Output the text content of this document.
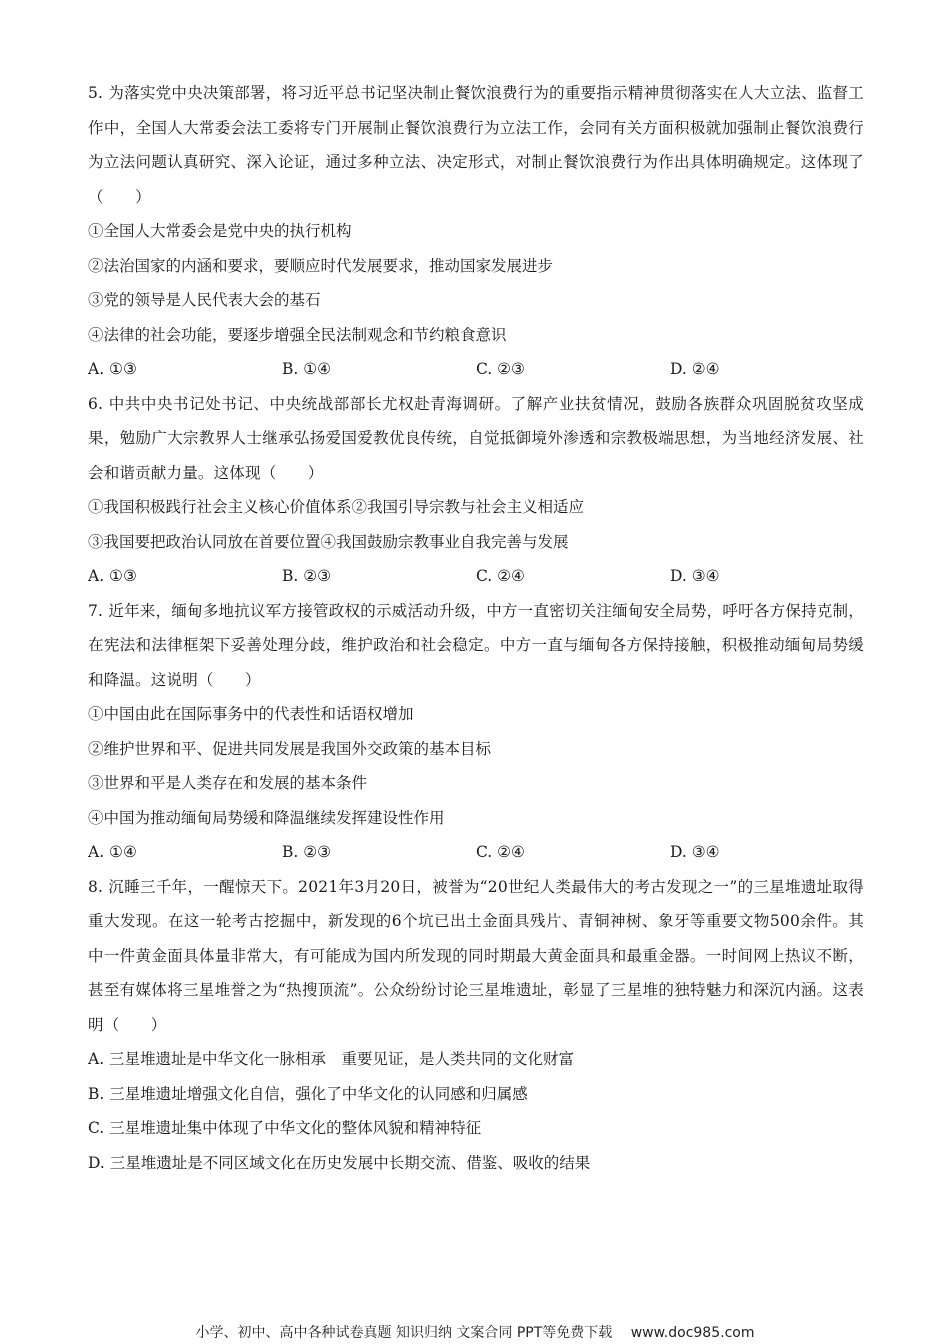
5. 为落实党中央决策部署，将习近平总书记坚决制止餐饮浪费行为的重要指示精神贯彻落实在人大立法、监督工作中，全国人大常委会法工委将专门开展制止餐饮浪费行为立法工作，会同有关方面积极就加强制止餐饮浪费行为立法问题认真研究、深入论证，通过多种立法、决定形式，对制止餐饮浪费行为作出具体明确规定。这体现了（　　）

①全国人大常委会是党中央的执行机构

②法治国家的内涵和要求，要顺应时代发展要求，推动国家发展进步

③党的领导是人民代表大会的基石

④法律的社会功能，要逐步增强全民法制观念和节约粮食意识

A. ①③	B. ①④	C. ②③	D. ②④

6. 中共中央书记处书记、中央统战部部长尤权赴青海调研。了解产业扶贫情况，鼓励各族群众巩固脱贫攻坚成果，勉励广大宗教界人士继承弘扬爱国爱教优良传统，自觉抵御境外渗透和宗教极端思想，为当地经济发展、社会和谐贡献力量。这体现（　　）

①我国积极践行社会主义核心价值体系②我国引导宗教与社会主义相适应

③我国要把政治认同放在首要位置④我国鼓励宗教事业自我完善与发展

A. ①③	B. ②③	C. ②④	D. ③④

7. 近年来，缅甸多地抗议军方接管政权的示威活动升级，中方一直密切关注缅甸安全局势，呼吁各方保持克制，在宪法和法律框架下妥善处理分歧，维护政治和社会稳定。中方一直与缅甸各方保持接触，积极推动缅甸局势缓和降温。这说明（　　）

①中国由此在国际事务中的代表性和话语权增加

②维护世界和平、促进共同发展是我国外交政策的基本目标

③世界和平是人类存在和发展的基本条件

④中国为推动缅甸局势缓和降温继续发挥建设性作用

A. ①④	B. ②③	C. ②④	D. ③④

8. 沉睡三千年，一醒惊天下。2021年3月20日，被誉为“20世纪人类最伟大的考古发现之一”的三星堆遗址取得重大发现。在这一轮考古挖掘中，新发现的6个坑已出土金面具残片、青铜神树、象牙等重要文物500余件。其中一件黄金面具体量非常大，有可能成为国内所发现的同时期最大黄金面具和最重金器。一时间网上热议不断，甚至有媒体将三星堆誉之为“热搜顶流”。公众纷纷讨论三星堆遗址，彰显了三星堆的独特魅力和深沉内涵。这表明（　　）

A. 三星堆遗址是中华文化一脉相承　重要见证，是人类共同的文化财富

B. 三星堆遗址增强文化自信，强化了中华文化的认同感和归属感

C. 三星堆遗址集中体现了中华文化的整体风貌和精神特征

D. 三星堆遗址是不同区域文化在历史发展中长期交流、借鉴、吸收的结果

小学、初中、高中各种试卷真题 知识归纳 文案合同 PPT等免费下载　 www.doc985.com
